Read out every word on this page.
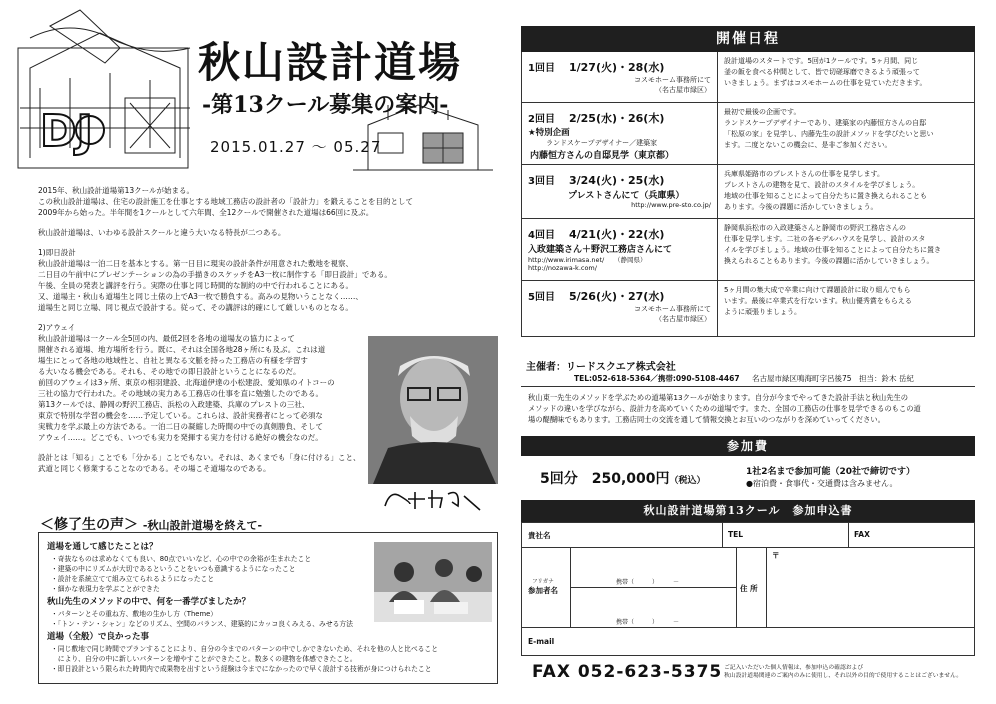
DJ
秋山設計道場
-第13クール募集の案内-
2015.01.27 ～ 05.27

2015年、秋山設計道場第13クールが始まる。

この秋山設計道場は、住宅の設計施工を仕事とする地域工務店の設計者の「設計力」を鍛えることを目的として

2009年から始った。半年間を1クールとして六年間、全12クールで開催された道場は66回に及ぶ。

秋山設計道場は、いわゆる設計スクールと違う大いなる特長が二つある。

1)即日設計

秋山設計道場は一泊二日を基本とする。第一日目に現実の設計条件が用意された敷地を視察、

二日目の午前中にプレゼンテーションの為の手描きのスケッチをA3一枚に制作する「即日設計」である。

午後、全員の発表と講評を行う。実際の仕事と同じ時間的な制約の中で行われることにある。

又、道場主・秋山も道場生と同じ土俵の上でA3一枚で勝負する。高みの見物いうことなく……、

道場生と同じ立場、同じ視点で設計する。従って、その講評は的確にして厳しいものとなる。

2)アウェイ

秋山設計道場は一クール全5回の内、最低2回を各地の道場友の協力によって

開催される道場、地方場所を行う。既に、それは全国各地28ヶ所にも及ぶ。これは道

場生にとって各地の地域性と、自社と異なる文脈を持った工務店の有様を学習す

る大いなる機会である。それも、その地での即日設計ということになるのだ。

前回のアウェイは3ヶ所、東京の相羽建設、北海道伊達の小松建設、愛知県のイトコーの

三社の協力で行われた。その地域の実力ある工務店の仕事を直に勉強したのである。

第13クールでは、静岡の野沢工務店、浜松の入政建築、兵庫のプレストの三社、

東京で特別な学習の機会を……予定している。これらは、設計実務者にとって必須な

実戦力を学ぶ最上の方法である。一泊二日の凝縮した時間の中での真剣勝負、そして

アウェイ……。どこでも、いつでも実力を発揮する実力を付ける絶好の機会なのだ。

設計とは「知る」ことでも「分かる」ことでもない。それは、あくまでも「身に付ける」こと、

武道と同じく修業することなのである。その場こそ道場なのである。

＜修了生の声＞ -秋山設計道場を終えて-
道場を通して感じたことは？
・奇抜なものは求めなくても良い、80点でいいなど、心の中での余裕が生まれたこと
・建築の中にリズムが大切であるということをいつも意識するようになったこと
・設計を系統立てて組み立てられるようになったこと
・細かな表現力を学ぶことができた
秋山先生のメソッドの中で、何を一番学びましたか？
・パターンとその重ね方、敷地の生かし方（Theme）
・「トン・テン・シャン」などのリズム、空間のバランス、建築的にカッコ良くみえる、みせる方法
道場（全般）で良かった事
・同じ敷地で同じ時間でプランすることにより、自分の今までのパターンの中でしかできないため、それを他の人と比べること
　により、自分の中に新しいパターンを増やすことができたこと。数多くの建物を体感できたこと。
・即日設計という限られた時間内で成果物を出すという経験は今までになかったので早く設計する技術が身につけられたこと
開催日程
1回目 1/27(火)・28(水)
コスモホーム事務所にて
（名古屋市緑区）
設計道場のスタートです。5回が1クールです。5ヶ月間、同じ
釜の飯を食べる仲間として、皆で切磋琢磨できるよう頑張って
いきましょう。まずはコスモホームの仕事を見ていただきます。
2回目 2/25(水)・26(木)
★特別企画
ランドスケープデザイナー／建築家
内藤恒方さんの自邸見学（東京都）
最初で最後の企画です。
ランドスケープデザイナーであり、建築家の内藤恒方さんの自邸
「松原の家」を見学し、内藤先生の設計メソッドを学びたいと思い
ます。二度とないこの機会に、是非ご参加ください。
3回目 3/24(火)・25(水)
プレストさんにて（兵庫県）
http://www.pre-sto.co.jp/
兵庫県姫路市のプレストさんの仕事を見学します。
プレストさんの建物を見て、設計のスタイルを学びましょう。
地域の仕事を知ることによって自分たちに置き換えられることも
あります。今後の課題に活かしていきましょう。
4回目 4/21(火)・22(水)
入政建築さん＋野沢工務店さんにて
http://www.irimasa.net/　　（静岡県）
http://nozawa-k.com/
静岡県浜松市の入政建築さんと静岡市の野沢工務店さんの
仕事を見学します。二社の各モデルハウスを見学し、設計のスタ
イルを学びましょう。地域の仕事を知ることによって自分たちに置き
換えられることもあります。今後の課題に活かしていきましょう。
5回目 5/26(火)・27(水)
コスモホーム事務所にて
（名古屋市緑区）
5ヶ月間の集大成で卒業に向けて課題設計に取り組んでもら
います。最後に卒業式を行ないます。秋山優秀賞をもらえる
ように頑張りましょう。
主催者：リードスクエア株式会社
TEL:052-618-5364／携帯:090-5108-4467 名古屋市緑区鳴海町字呂後75　担当：鈴木 岳紀
秋山東一先生のメソッドを学ぶための道場第13クールが始まります。自分が今までやってきた設計手法と秋山先生の
メソッドの違いを学びながら、設計力を高めていくための道場です。また、全国の工務店の仕事を見学できるのもこの道
場の醍醐味でもあります。工務店同士の交流を通して情報交換とお互いのつながりを深めていってください。
参加費
5回分　250,000円（税込）
1社2名まで参加可能（20社で締切です）
●宿泊費・食事代・交通費は含みません。
秋山設計道場第13クール　参加申込書
貴社名	TEL	FAX
フリガナ
参加者名
携帯（　　　）　　　－
携帯（　　　）　　　－
住 所
〒
E-mail
FAX 052-623-5375 ご記入いただいた個人情報は、参加申込の確認および
秋山設計道場関連のご案内のみに使用し、それ以外の目的で使用することはございません。
